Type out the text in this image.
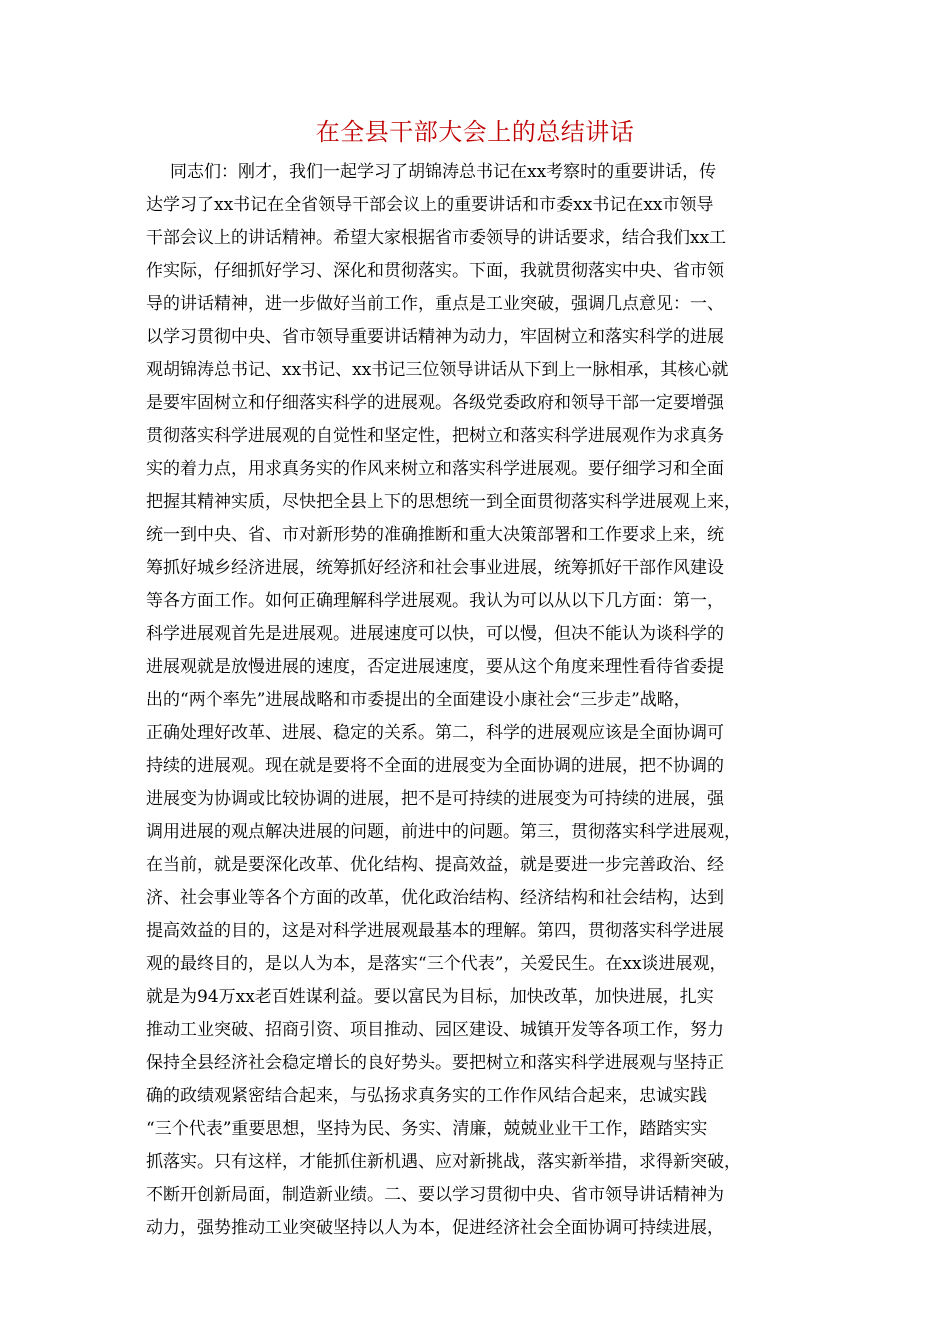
在全县干部大会上的总结讲话
同志们：刚才，我们一起学习了胡锦涛总书记在xx考察时的重要讲话，传
达学习了xx书记在全省领导干部会议上的重要讲话和市委xx书记在xx市领导
干部会议上的讲话精神。希望大家根据省市委领导的讲话要求，结合我们xx工
作实际，仔细抓好学习、深化和贯彻落实。下面，我就贯彻落实中央、省市领
导的讲话精神，进一步做好当前工作，重点是工业突破，强调几点意见：一、
以学习贯彻中央、省市领导重要讲话精神为动力，牢固树立和落实科学的进展
观胡锦涛总书记、xx书记、xx书记三位领导讲话从下到上一脉相承，其核心就
是要牢固树立和仔细落实科学的进展观。各级党委政府和领导干部一定要增强
贯彻落实科学进展观的自觉性和坚定性，把树立和落实科学进展观作为求真务
实的着力点，用求真务实的作风来树立和落实科学进展观。要仔细学习和全面
把握其精神实质，尽快把全县上下的思想统一到全面贯彻落实科学进展观上来，
统一到中央、省、市对新形势的准确推断和重大决策部署和工作要求上来，统
筹抓好城乡经济进展，统筹抓好经济和社会事业进展，统筹抓好干部作风建设
等各方面工作。如何正确理解科学进展观。我认为可以从以下几方面：第一，
科学进展观首先是进展观。进展速度可以快，可以慢，但决不能认为谈科学的
进展观就是放慢进展的速度，否定进展速度，要从这个角度来理性看待省委提
出的“两个率先”进展战略和市委提出的全面建设小康社会“三步走”战略，
正确处理好改革、进展、稳定的关系。第二，科学的进展观应该是全面协调可
持续的进展观。现在就是要将不全面的进展变为全面协调的进展，把不协调的
进展变为协调或比较协调的进展，把不是可持续的进展变为可持续的进展，强
调用进展的观点解决进展的问题，前进中的问题。第三，贯彻落实科学进展观，
在当前，就是要深化改革、优化结构、提高效益，就是要进一步完善政治、经
济、社会事业等各个方面的改革，优化政治结构、经济结构和社会结构，达到
提高效益的目的，这是对科学进展观最基本的理解。第四，贯彻落实科学进展
观的最终目的，是以人为本，是落实“三个代表”，关爱民生。在xx谈进展观，
就是为94万xx老百姓谋利益。要以富民为目标，加快改革，加快进展，扎实
推动工业突破、招商引资、项目推动、园区建设、城镇开发等各项工作，努力
保持全县经济社会稳定增长的良好势头。要把树立和落实科学进展观与坚持正
确的政绩观紧密结合起来，与弘扬求真务实的工作作风结合起来，忠诚实践
“三个代表”重要思想，坚持为民、务实、清廉，兢兢业业干工作，踏踏实实
抓落实。只有这样，才能抓住新机遇、应对新挑战，落实新举措，求得新突破，
不断开创新局面，制造新业绩。二、要以学习贯彻中央、省市领导讲话精神为
动力，强势推动工业突破坚持以人为本，促进经济社会全面协调可持续进展，
